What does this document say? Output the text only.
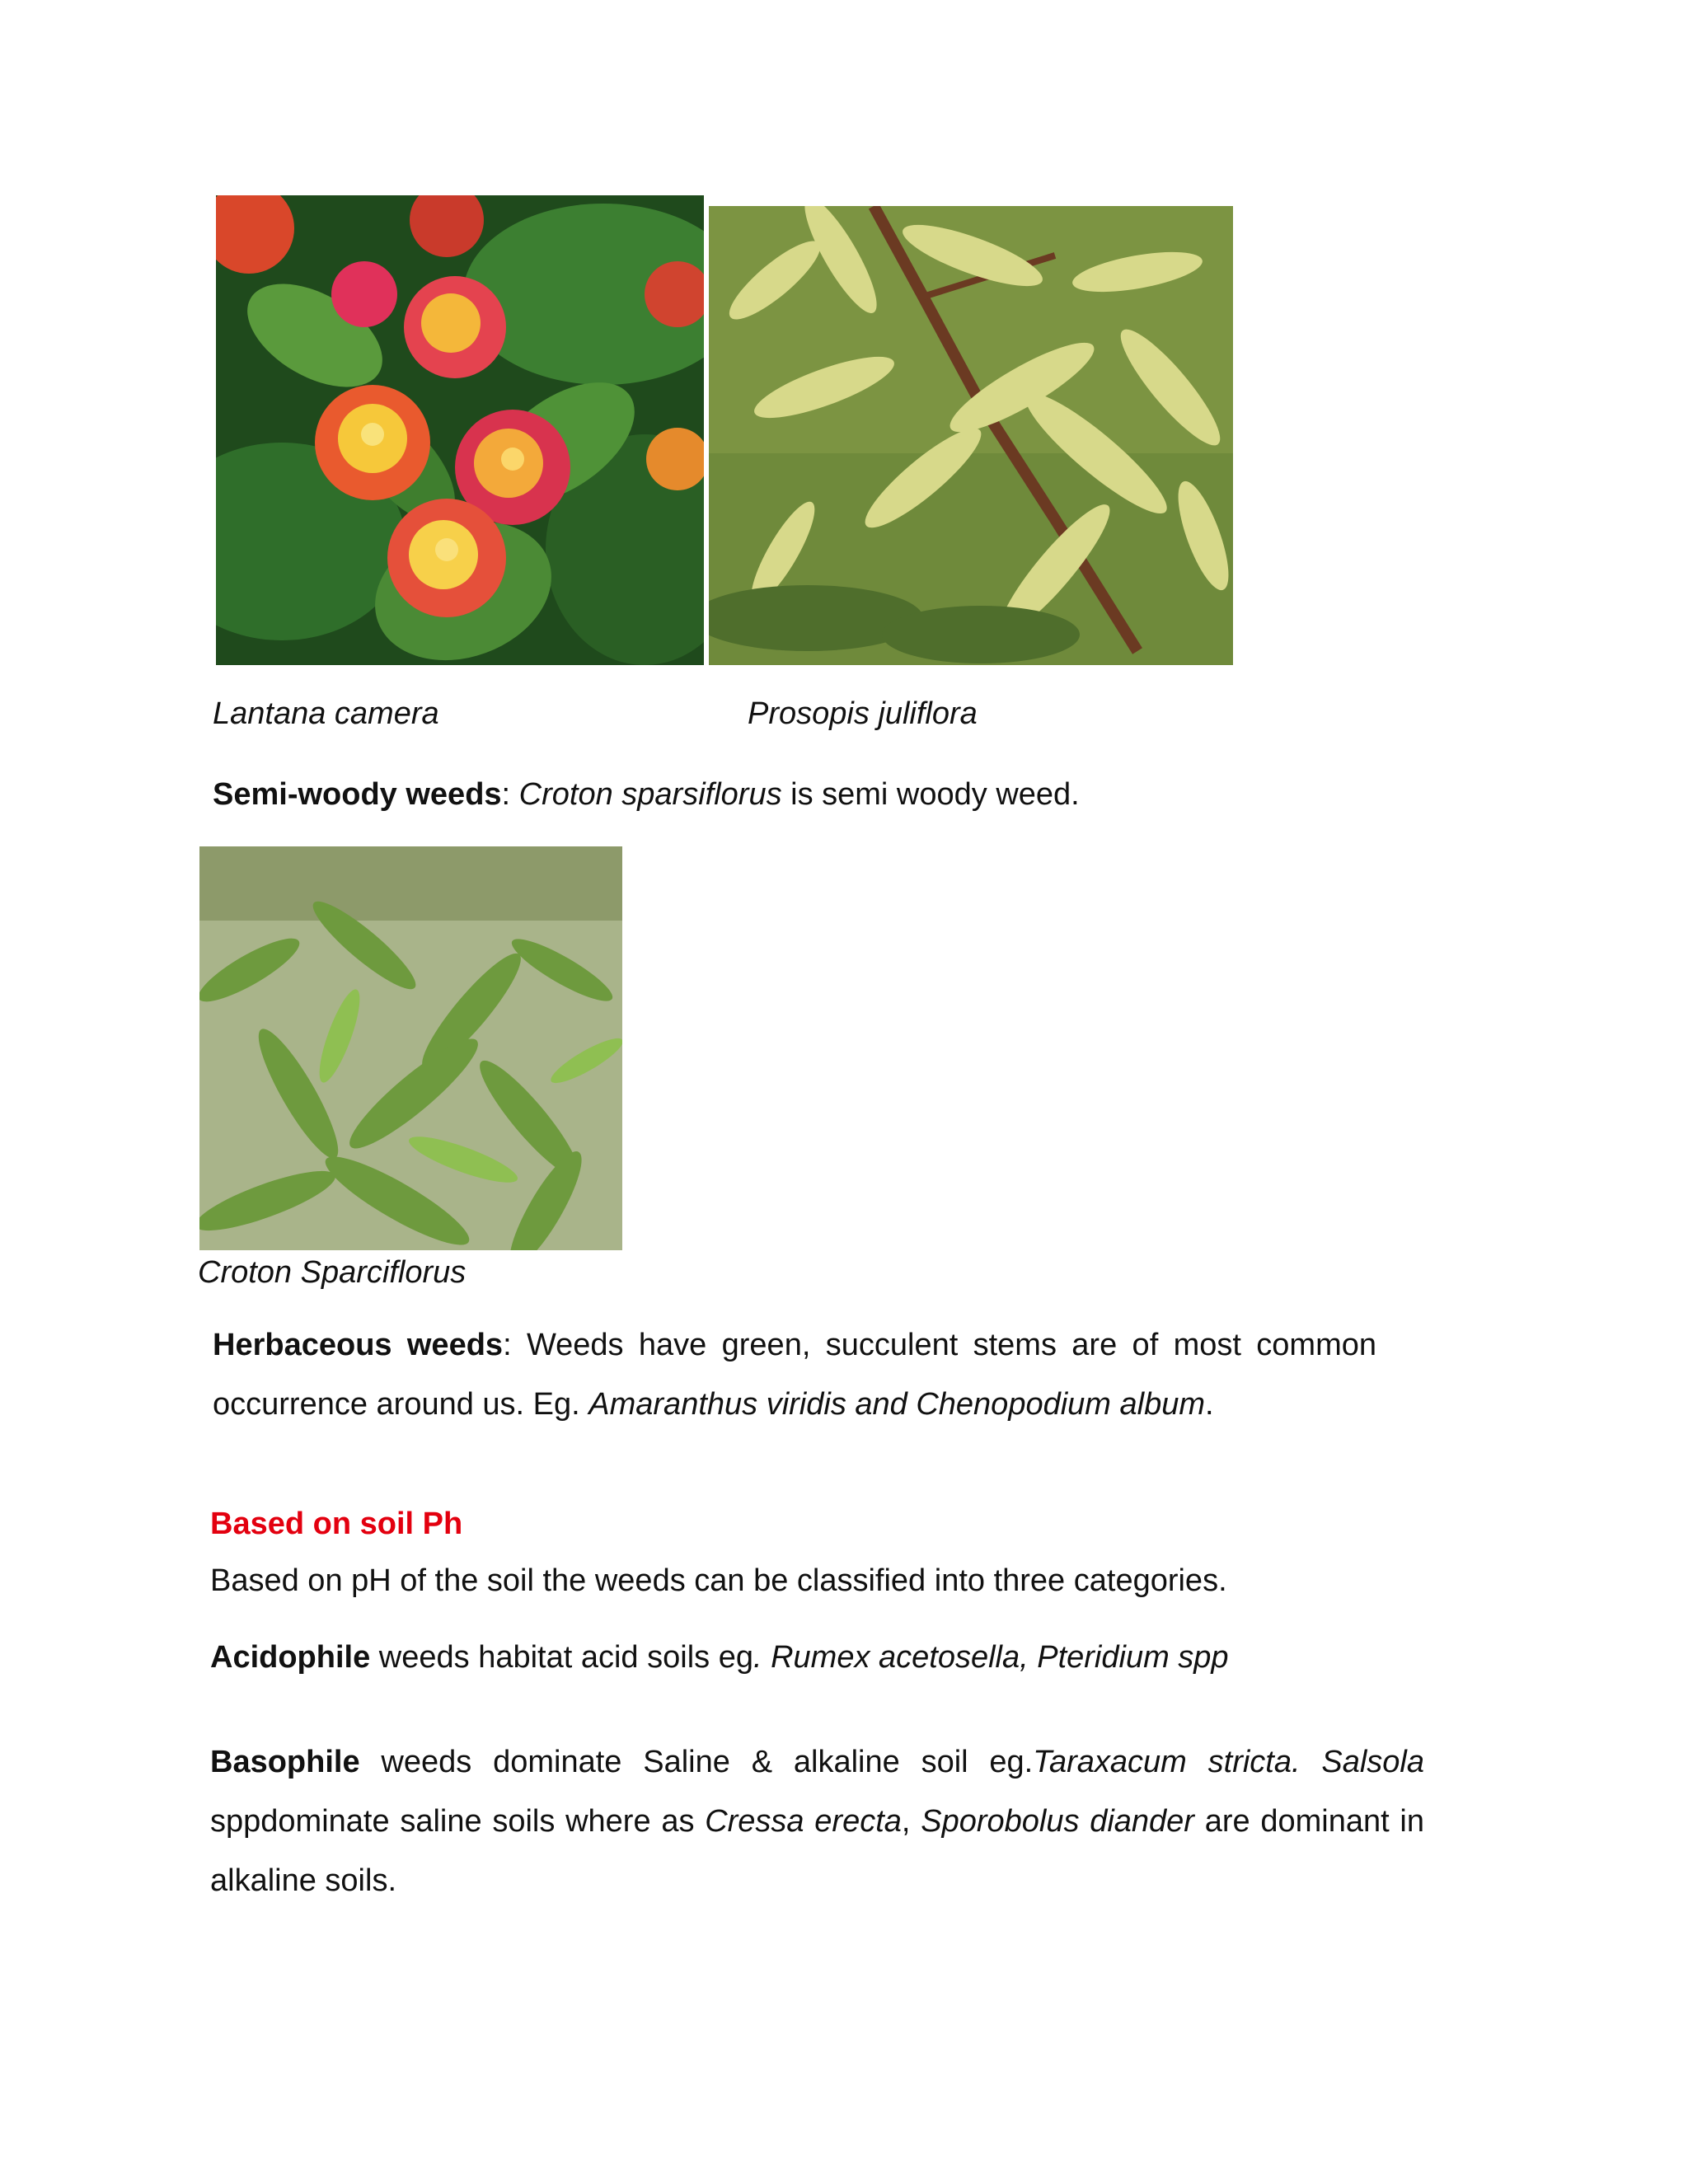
Lantana camera	Prosopis juliflora
Semi-woody weeds: Croton sparsiflorus is semi woody weed.
Croton Sparciflorus
Herbaceous weeds: Weeds have green, succulent stems are of most common occurrence around us. Eg. Amaranthus viridis and Chenopodium album.
Based on soil Ph
Based on pH of the soil the weeds can be classified into three categories.
Acidophile weeds habitat acid soils eg. Rumex acetosella, Pteridium spp
Basophile weeds dominate Saline & alkaline soil eg.Taraxacum stricta. Salsola sppdominate saline soils where as Cressa erecta, Sporobolus diander are dominant in alkaline soils.
